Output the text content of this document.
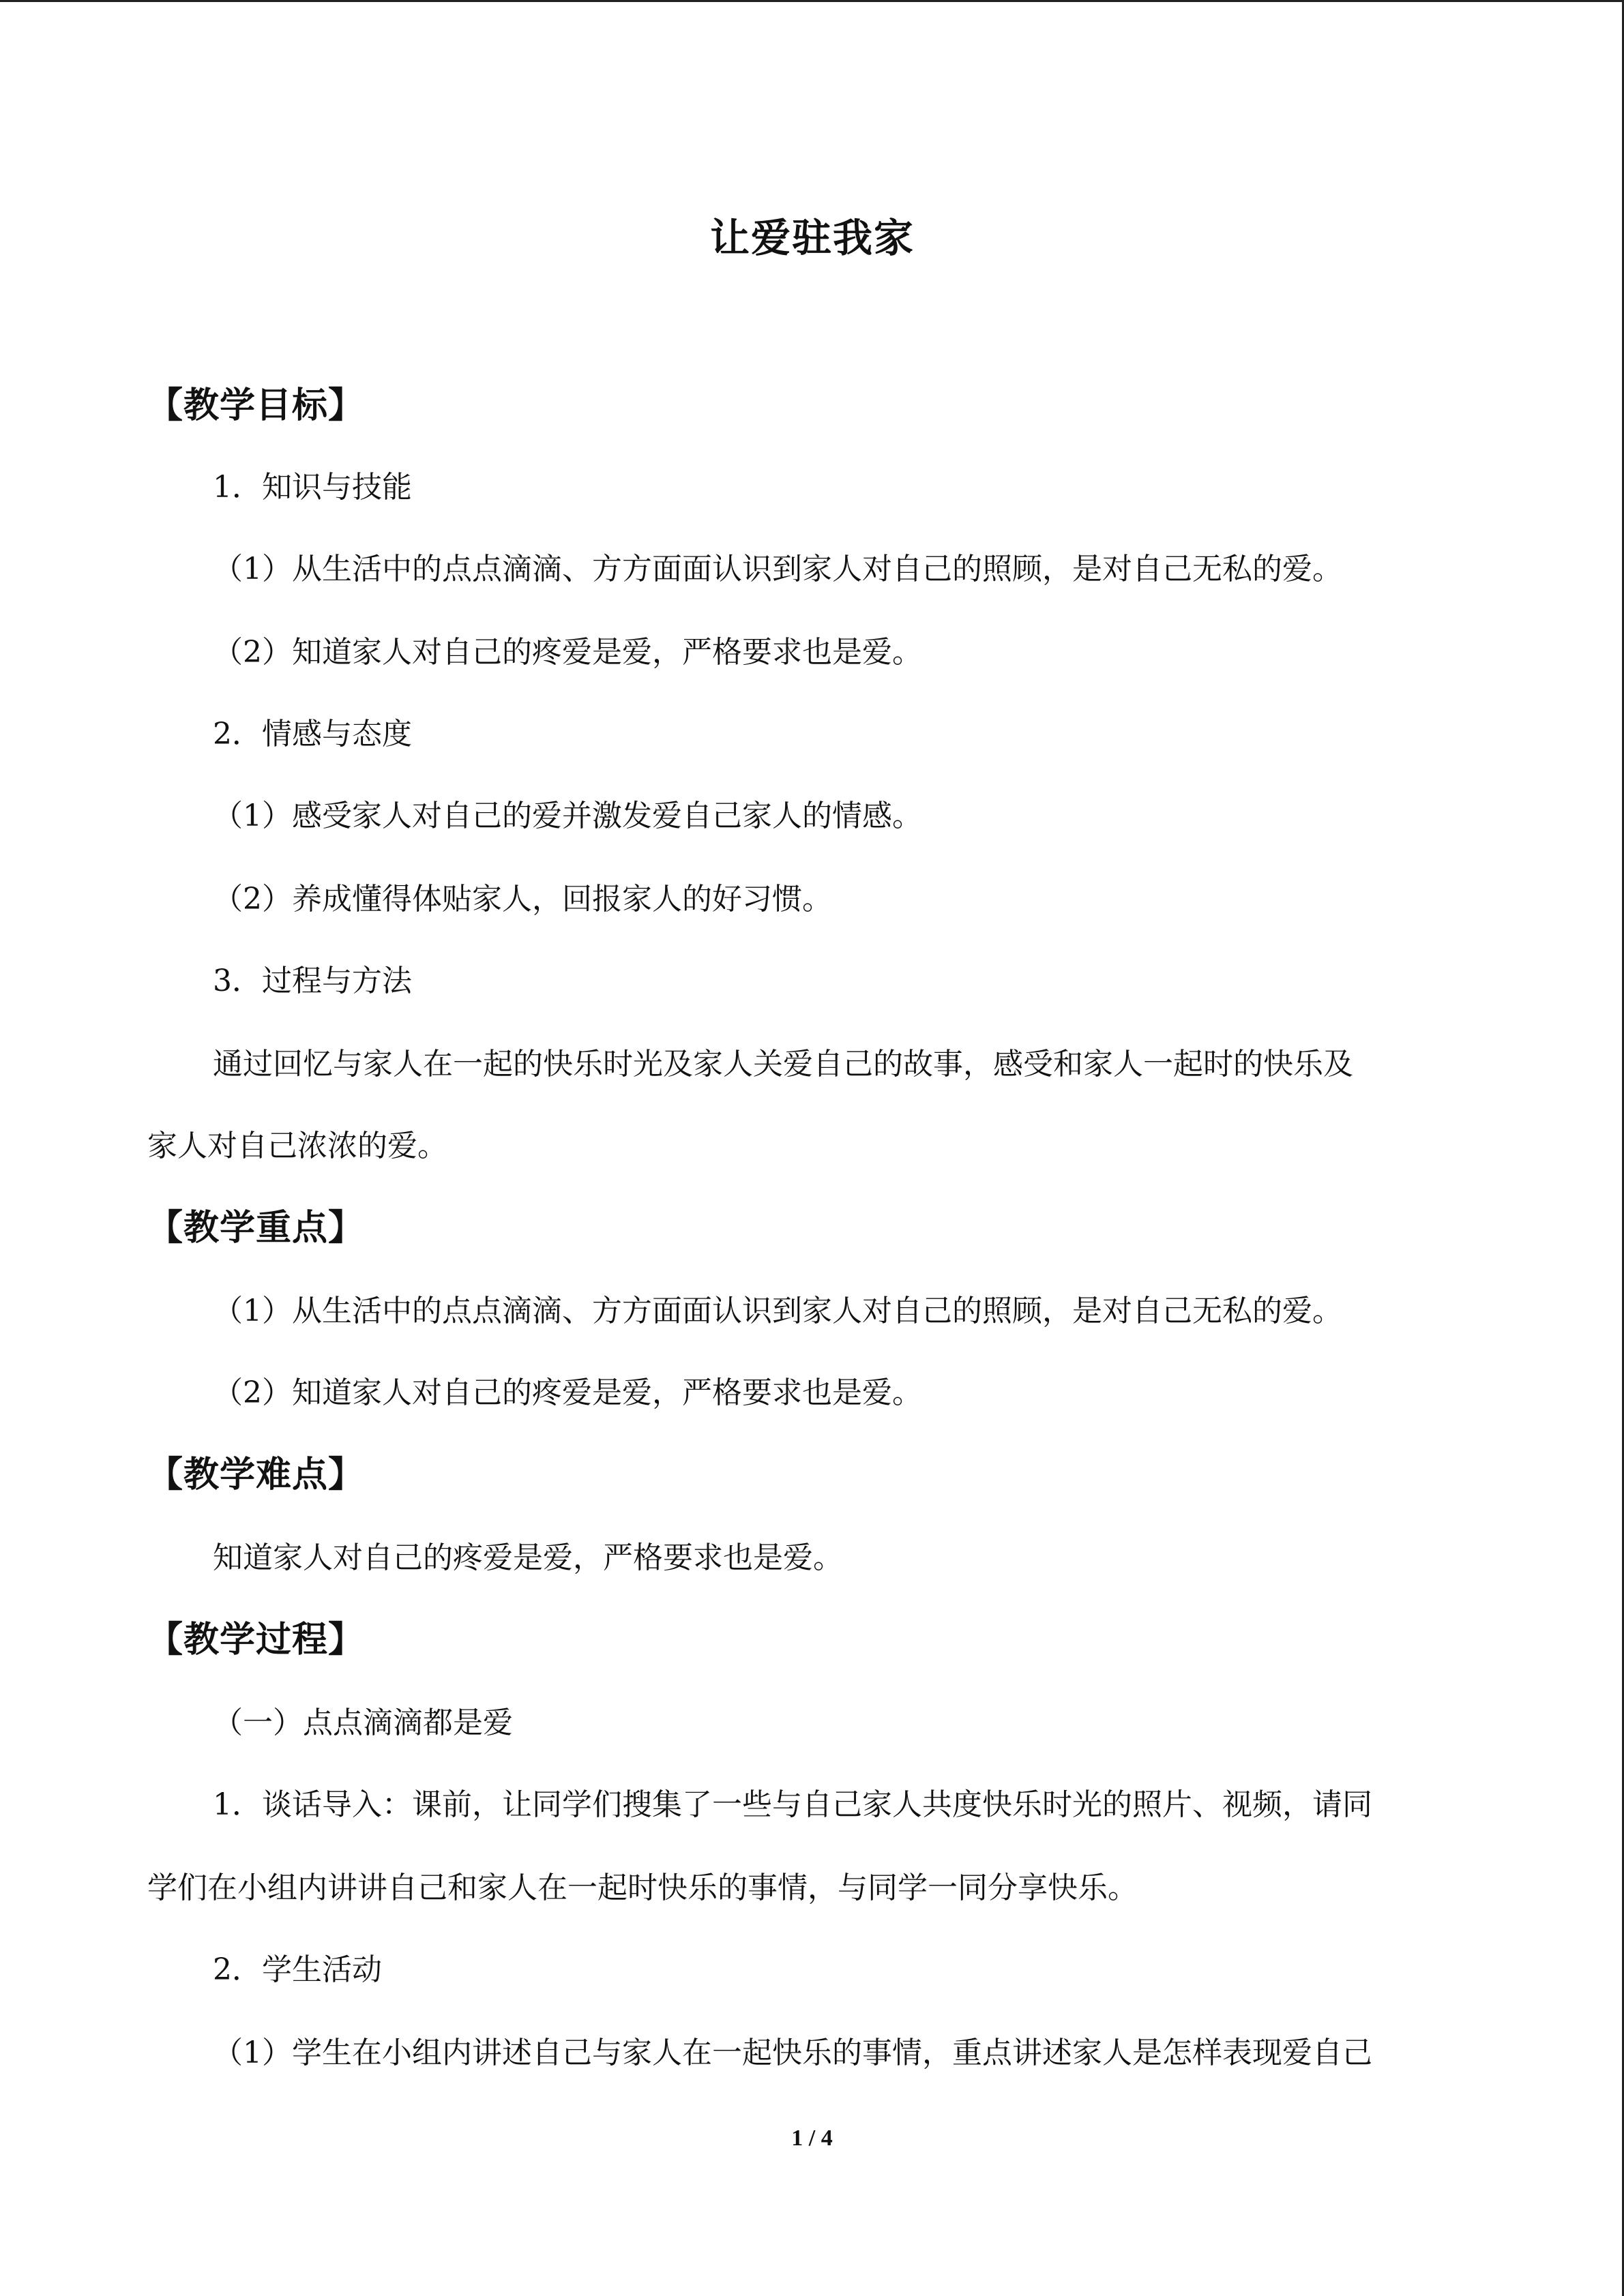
让爱驻我家
【教学目标】
1．知识与技能
（1）从生活中的点点滴滴、方方面面认识到家人对自己的照顾，是对自己无私的爱。
（2）知道家人对自己的疼爱是爱，严格要求也是爱。
2．情感与态度
（1）感受家人对自己的爱并激发爱自己家人的情感。
（2）养成懂得体贴家人，回报家人的好习惯。
3．过程与方法
通过回忆与家人在一起的快乐时光及家人关爱自己的故事，感受和家人一起时的快乐及
家人对自己浓浓的爱。
【教学重点】
（1）从生活中的点点滴滴、方方面面认识到家人对自己的照顾，是对自己无私的爱。
（2）知道家人对自己的疼爱是爱，严格要求也是爱。
【教学难点】
知道家人对自己的疼爱是爱，严格要求也是爱。
【教学过程】
（一）点点滴滴都是爱
1．谈话导入：课前，让同学们搜集了一些与自己家人共度快乐时光的照片、视频，请同
学们在小组内讲讲自己和家人在一起时快乐的事情，与同学一同分享快乐。
2．学生活动
（1）学生在小组内讲述自己与家人在一起快乐的事情，重点讲述家人是怎样表现爱自己
1 / 4
